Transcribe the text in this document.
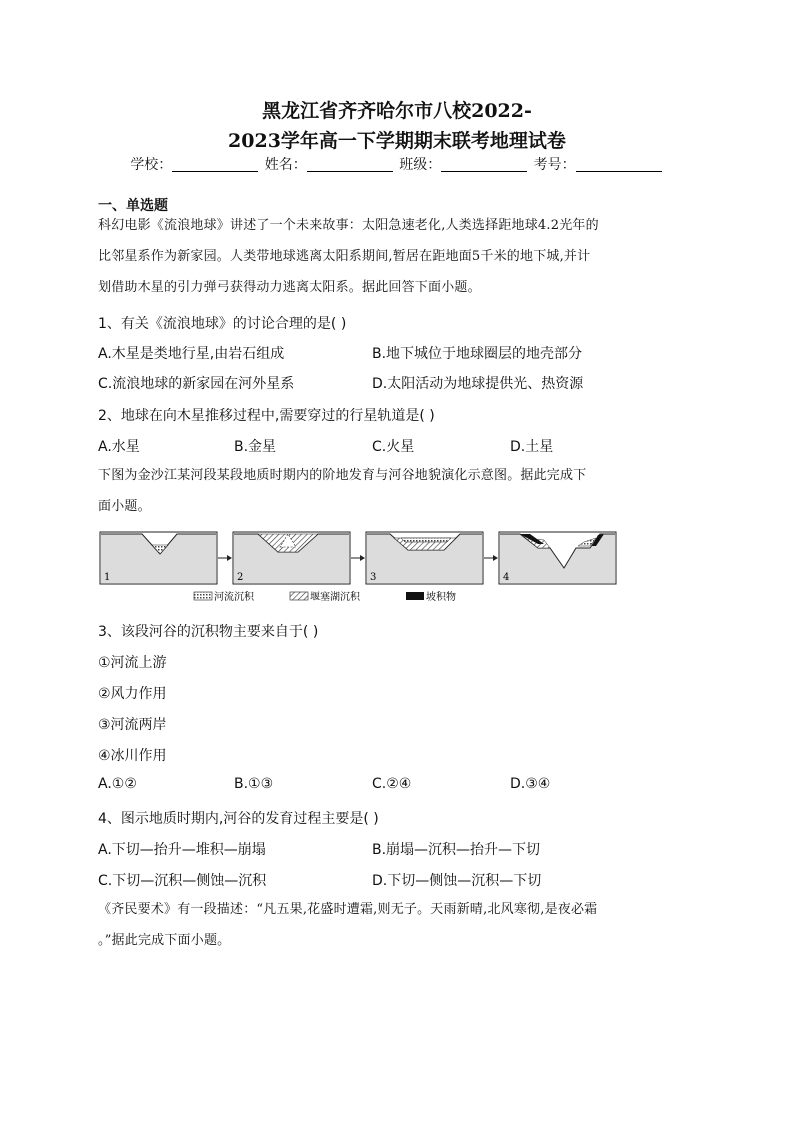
黑龙江省齐齐哈尔市八校2022-
2023学年高一下学期期末联考地理试卷
学校：	姓名：	班级：	考号：
一、单选题
科幻电影《流浪地球》讲述了一个未来故事：太阳急速老化,人类选择距地球4.2光年的
比邻星系作为新家园。人类带地球逃离太阳系期间,暂居在距地面5千米的地下城,并计
划借助木星的引力弹弓获得动力逃离太阳系。据此回答下面小题。
1、有关《流浪地球》的讨论合理的是( )
A.木星是类地行星,由岩石组成	B.地下城位于地球圈层的地壳部分
C.流浪地球的新家园在河外星系	D.太阳活动为地球提供光、热资源
2、地球在向木星推移过程中,需要穿过的行星轨道是( )
A.水星	B.金星	C.火星	D.土星
下图为金沙江某河段某段地质时期内的阶地发育与河谷地貌演化示意图。据此完成下
面小题。
1	2	3	4
河流沉积	堰塞湖沉积	坡积物
3、该段河谷的沉积物主要来自于( )
①河流上游
②风力作用
③河流两岸
④冰川作用
A.①②	B.①③	C.②④	D.③④
4、图示地质时期内,河谷的发育过程主要是( )
A.下切—抬升—堆积—崩塌	B.崩塌—沉积—抬升—下切
C.下切—沉积—侧蚀—沉积	D.下切—侧蚀—沉积—下切
《齐民要术》有一段描述：“凡五果,花盛时遭霜,则无子。天雨新晴,北风寒彻,是夜必霜
。”据此完成下面小题。
